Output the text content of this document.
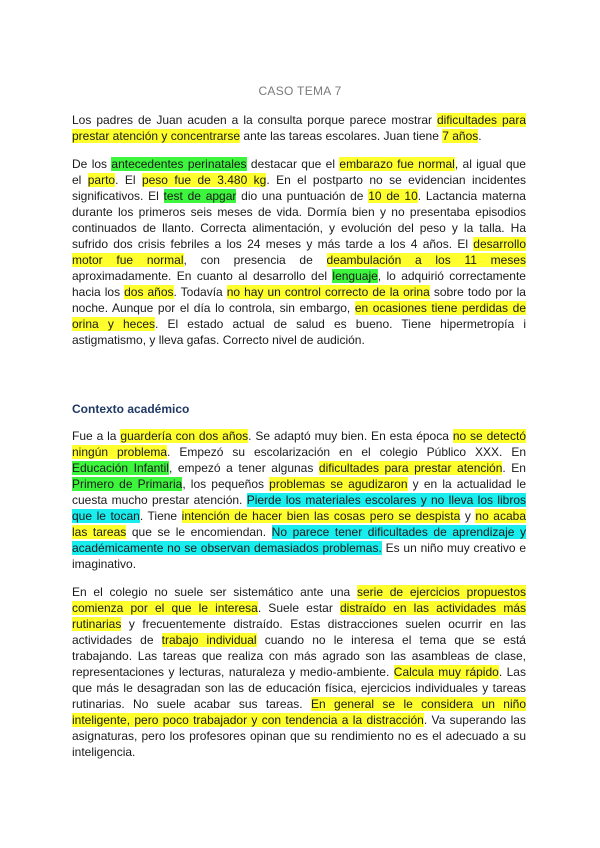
CASO TEMA 7
Contexto académico
Los padres de Juan acuden a la consulta porque parece mostrar dificultades para
prestar atención y concentrarse ante las tareas escolares. Juan tiene 7 años.
De los antecedentes perinatales destacar que el embarazo fue normal, al igual que
el parto. El peso fue de 3.480 kg. En el postparto no se evidencian incidentes
significativos. El test de apgar dio una puntuación de 10 de 10. Lactancia materna
durante los primeros seis meses de vida. Dormía bien y no presentaba episodios
continuados de llanto. Correcta alimentación, y evolución del peso y la talla. Ha
sufrido dos crisis febriles a los 24 meses y más tarde a los 4 años. El desarrollo
motor fue normal, con presencia de deambulación a los 11 meses
aproximadamente. En cuanto al desarrollo del lenguaje, lo adquirió correctamente
hacia los dos años. Todavía no hay un control correcto de la orina sobre todo por la
noche. Aunque por el día lo controla, sin embargo, en ocasiones tiene perdidas de
orina y heces. El estado actual de salud es bueno. Tiene hipermetropía i
astigmatismo, y lleva gafas. Correcto nivel de audición.
Fue a la guardería con dos años. Se adaptó muy bien. En esta época no se detectó
ningún problema. Empezó su escolarización en el colegio Público XXX. En
Educación Infantil, empezó a tener algunas dificultades para prestar atención. En
Primero de Primaria, los pequeños problemas se agudizaron y en la actualidad le
cuesta mucho prestar atención. Pierde los materiales escolares y no lleva los libros
que le tocan. Tiene intención de hacer bien las cosas pero se despista y no acaba
las tareas que se le encomiendan. No parece tener dificultades de aprendizaje y
académicamente no se observan demasiados problemas. Es un niño muy creativo e
imaginativo.
En el colegio no suele ser sistemático ante una serie de ejercicios propuestos
comienza por el que le interesa. Suele estar distraído en las actividades más
rutinarias y frecuentemente distraído. Estas distracciones suelen ocurrir en las
actividades de trabajo individual cuando no le interesa el tema que se está
trabajando. Las tareas que realiza con más agrado son las asambleas de clase,
representaciones y lecturas, naturaleza y medio-ambiente. Calcula muy rápido. Las
que más le desagradan son las de educación física, ejercicios individuales y tareas
rutinarias. No suele acabar sus tareas. En general se le considera un niño
inteligente, pero poco trabajador y con tendencia a la distracción. Va superando las
asignaturas, pero los profesores opinan que su rendimiento no es el adecuado a su
inteligencia.
